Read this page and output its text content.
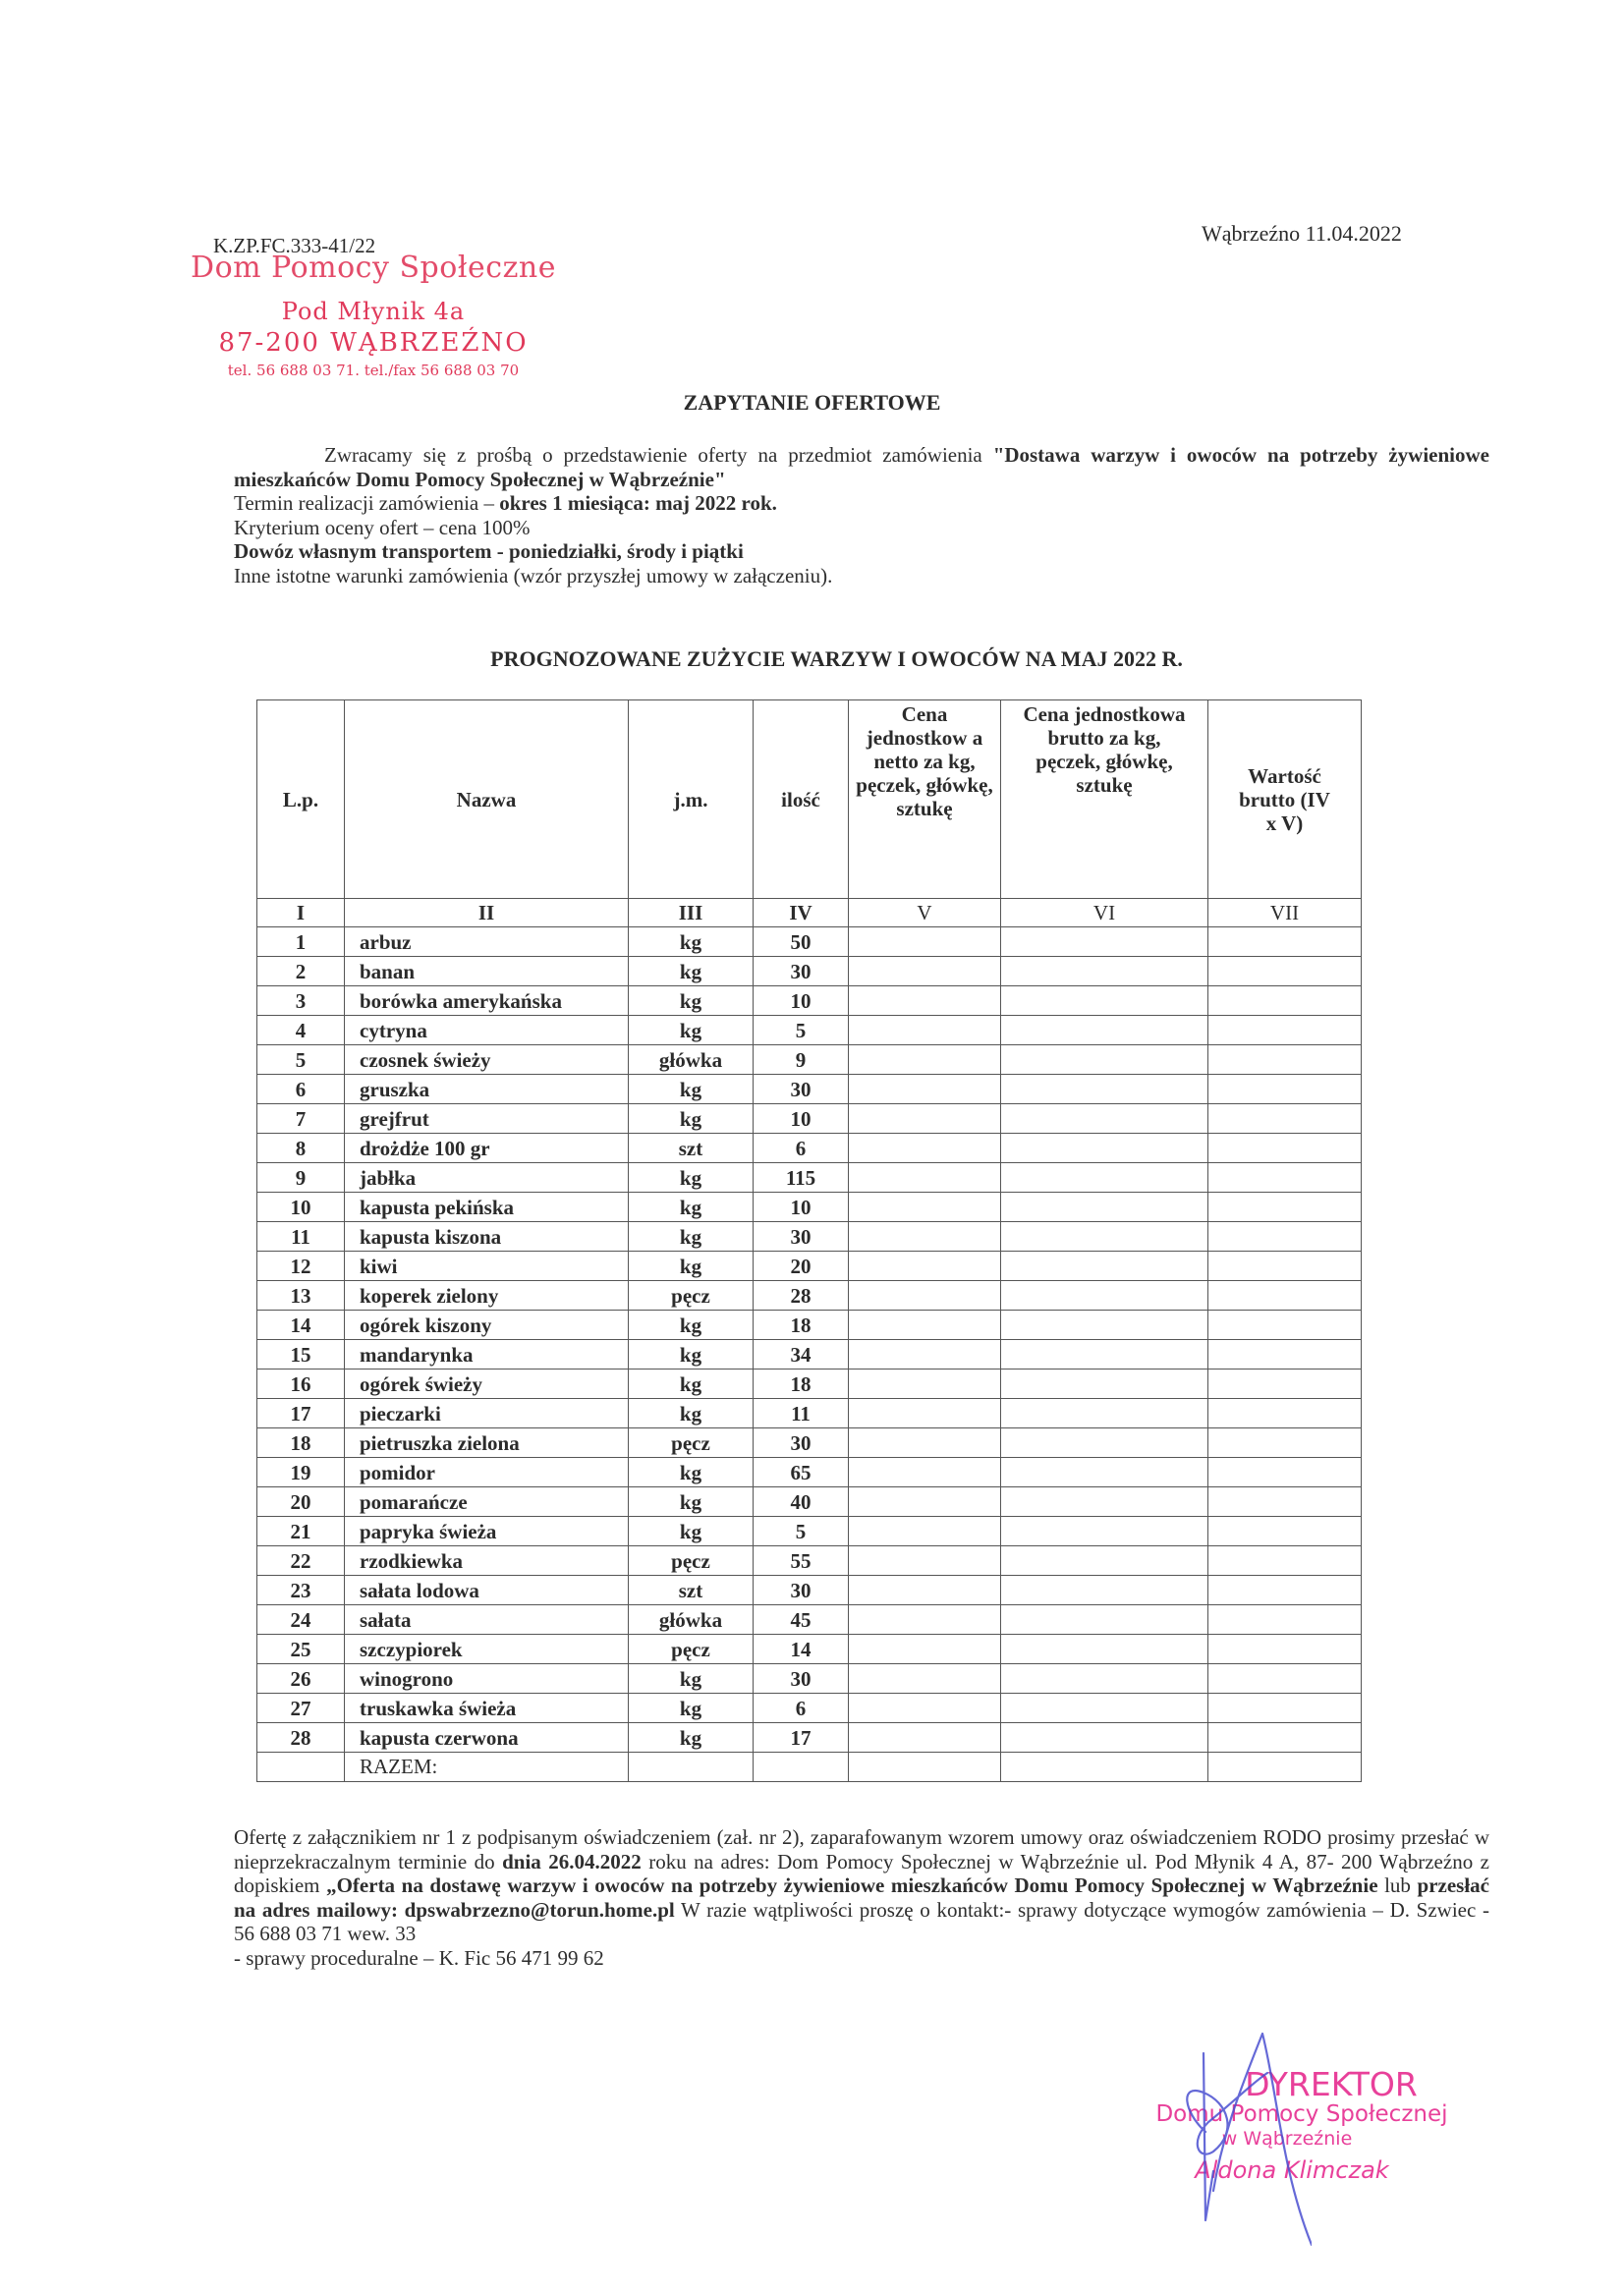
K.ZP.FC.333-41/22	Wąbrzeźno 11.04.2022
Dom Pomocy Społeczne
Pod Młynik 4a
87-200 WĄBRZEŹNO
tel. 56 688 03 71. tel./fax 56 688 03 70
ZAPYTANIE OFERTOWE

Zwracamy się z prośbą o przedstawienie oferty na przedmiot zamówienia "Dostawa warzyw i owoców na potrzeby żywieniowe mieszkańców Domu Pomocy Społecznej w Wąbrzeźnie"

Termin realizacji zamówienia – okres 1 miesiąca: maj 2022 rok.

Kryterium oceny ofert – cena 100%

Dowóz własnym transportem - poniedziałki, środy i piątki

Inne istotne warunki zamówienia (wzór przyszłej umowy w załączeniu).

PROGNOZOWANE ZUŻYCIE WARZYW I OWOCÓW NA MAJ 2022 R.
L.p.	Nazwa	j.m.	ilość	Cena jednostkow a netto za kg, pęczek, główkę, sztukę	Cena jednostkowa brutto za kg, pęczek, główkę, sztukę	Wartość brutto (IV x V)
I	II	III	IV	V	VI	VII
1	arbuz	kg	50			
2	banan	kg	30			
3	borówka amerykańska	kg	10			
4	cytryna	kg	5			
5	czosnek świeży	główka	9			
6	gruszka	kg	30			
7	grejfrut	kg	10			
8	drożdże 100 gr	szt	6			
9	jabłka	kg	115			
10	kapusta pekińska	kg	10			
11	kapusta kiszona	kg	30			
12	kiwi	kg	20			
13	koperek zielony	pęcz	28			
14	ogórek kiszony	kg	18			
15	mandarynka	kg	34			
16	ogórek świeży	kg	18			
17	pieczarki	kg	11			
18	pietruszka zielona	pęcz	30			
19	pomidor	kg	65			
20	pomarańcze	kg	40			
21	papryka świeża	kg	5			
22	rzodkiewka	pęcz	55			
23	sałata lodowa	szt	30			
24	sałata	główka	45			
25	szczypiorek	pęcz	14			
26	winogrono	kg	30			
27	truskawka świeża	kg	6			
28	kapusta czerwona	kg	17			
	RAZEM:					

Ofertę z załącznikiem nr 1 z podpisanym oświadczeniem (zał. nr 2), zaparafowanym wzorem umowy oraz oświadczeniem RODO prosimy przesłać w nieprzekraczalnym terminie do dnia 26.04.2022 roku na adres: Dom Pomocy Społecznej w Wąbrzeźnie ul. Pod Młynik 4 A, 87- 200 Wąbrzeźno z dopiskiem „Oferta na dostawę warzyw i owoców na potrzeby żywieniowe mieszkańców Domu Pomocy Społecznej w Wąbrzeźnie lub przesłać na adres mailowy: dpswabrzezno@torun.home.pl W razie wątpliwości proszę o kontakt:- sprawy dotyczące wymogów zamówienia – D. Szwiec - 56 688 03 71 wew. 33

- sprawy proceduralne – K. Fic 56 471 99 62

DYREKTOR
Domu Pomocy Społecznej
w Wąbrzeźnie
Aldona Klimczak
